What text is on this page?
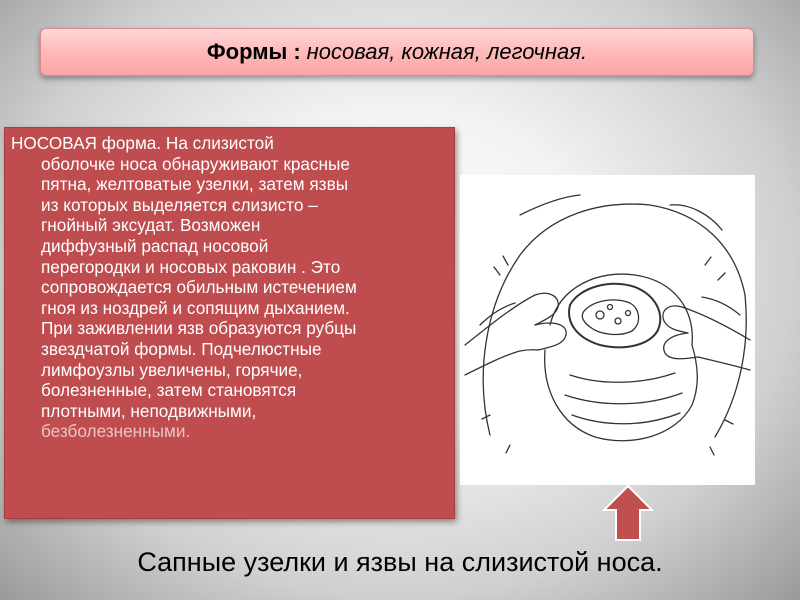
Формы : носовая, кожная, легочная.

НОСОВАЯ форма. На слизистой

оболочке носа обнаруживают красные

пятна, желтоватые узелки, затем язвы

из которых выделяется слизисто –

гнойный эксудат. Возможен

диффузный распад носовой

перегородки и носовых раковин . Это

сопровождается обильным истечением

гноя из ноздрей и сопящим дыханием.

При заживлении язв образуются рубцы

звездчатой формы. Подчелюстные

лимфоузлы увеличены, горячие,

болезненные, затем становятся

плотными, неподвижными,

безболезненными.

Сапные узелки и язвы на слизистой носа.
